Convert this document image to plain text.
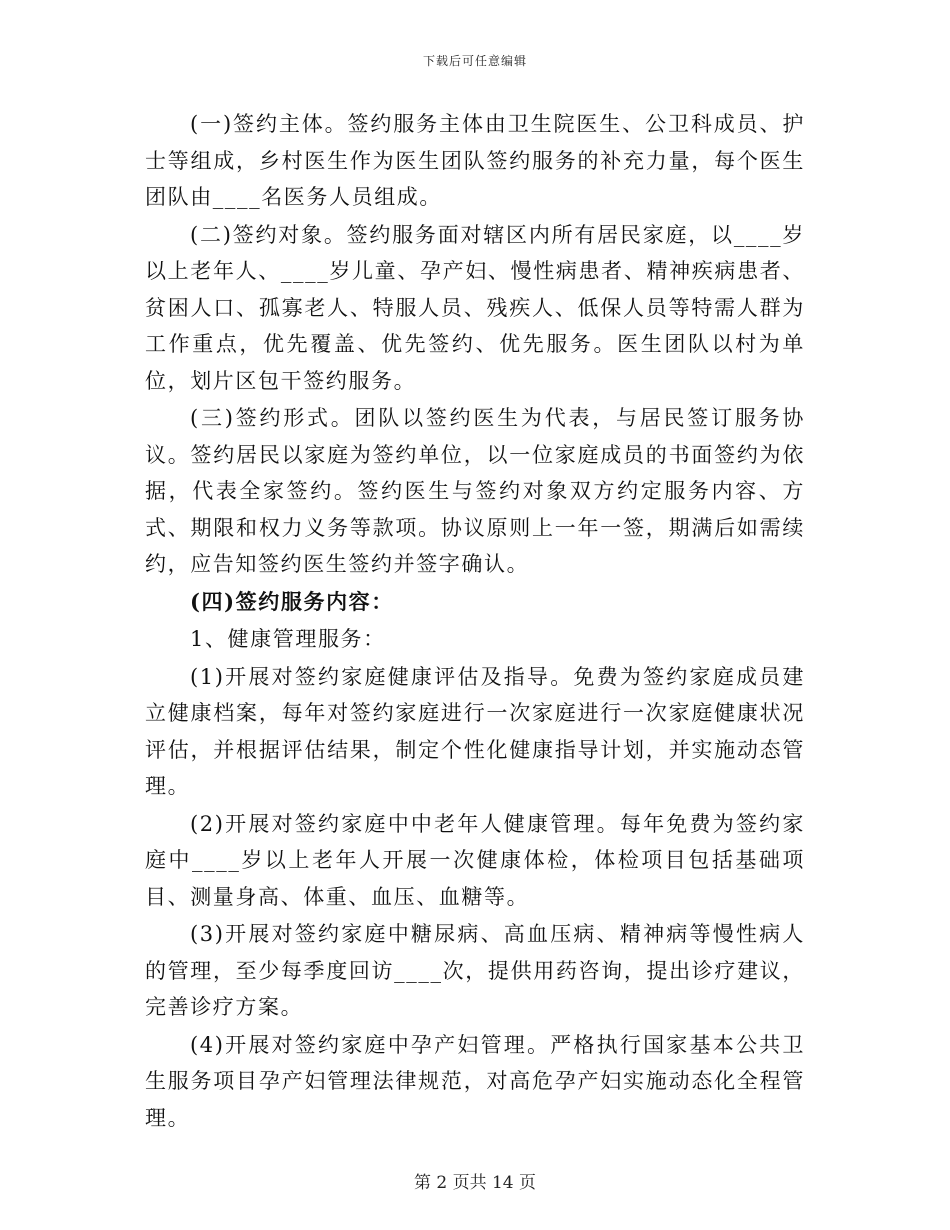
下载后可任意编辑

(一)签约主体。签约服务主体由卫生院医生、公卫科成员、护士等组成，乡村医生作为医生团队签约服务的补充力量，每个医生团队由____名医务人员组成。

(二)签约对象。签约服务面对辖区内所有居民家庭，以____岁以上老年人、____岁儿童、孕产妇、慢性病患者、精神疾病患者、贫困人口、孤寡老人、特服人员、残疾人、低保人员等特需人群为工作重点，优先覆盖、优先签约、优先服务。医生团队以村为单位，划片区包干签约服务。

(三)签约形式。团队以签约医生为代表，与居民签订服务协议。签约居民以家庭为签约单位，以一位家庭成员的书面签约为依据，代表全家签约。签约医生与签约对象双方约定服务内容、方式、期限和权力义务等款项。协议原则上一年一签，期满后如需续约，应告知签约医生签约并签字确认。

(四)签约服务内容：

1、健康管理服务：

(1)开展对签约家庭健康评估及指导。免费为签约家庭成员建立健康档案，每年对签约家庭进行一次家庭进行一次家庭健康状况评估，并根据评估结果，制定个性化健康指导计划，并实施动态管理。

(2)开展对签约家庭中中老年人健康管理。每年免费为签约家庭中____岁以上老年人开展一次健康体检，体检项目包括基础项目、测量身高、体重、血压、血糖等。

(3)开展对签约家庭中糖尿病、高血压病、精神病等慢性病人的管理，至少每季度回访____次，提供用药咨询，提出诊疗建议，完善诊疗方案。

(4)开展对签约家庭中孕产妇管理。严格执行国家基本公共卫生服务项目孕产妇管理法律规范，对高危孕产妇实施动态化全程管理。

第 2 页共 14 页
